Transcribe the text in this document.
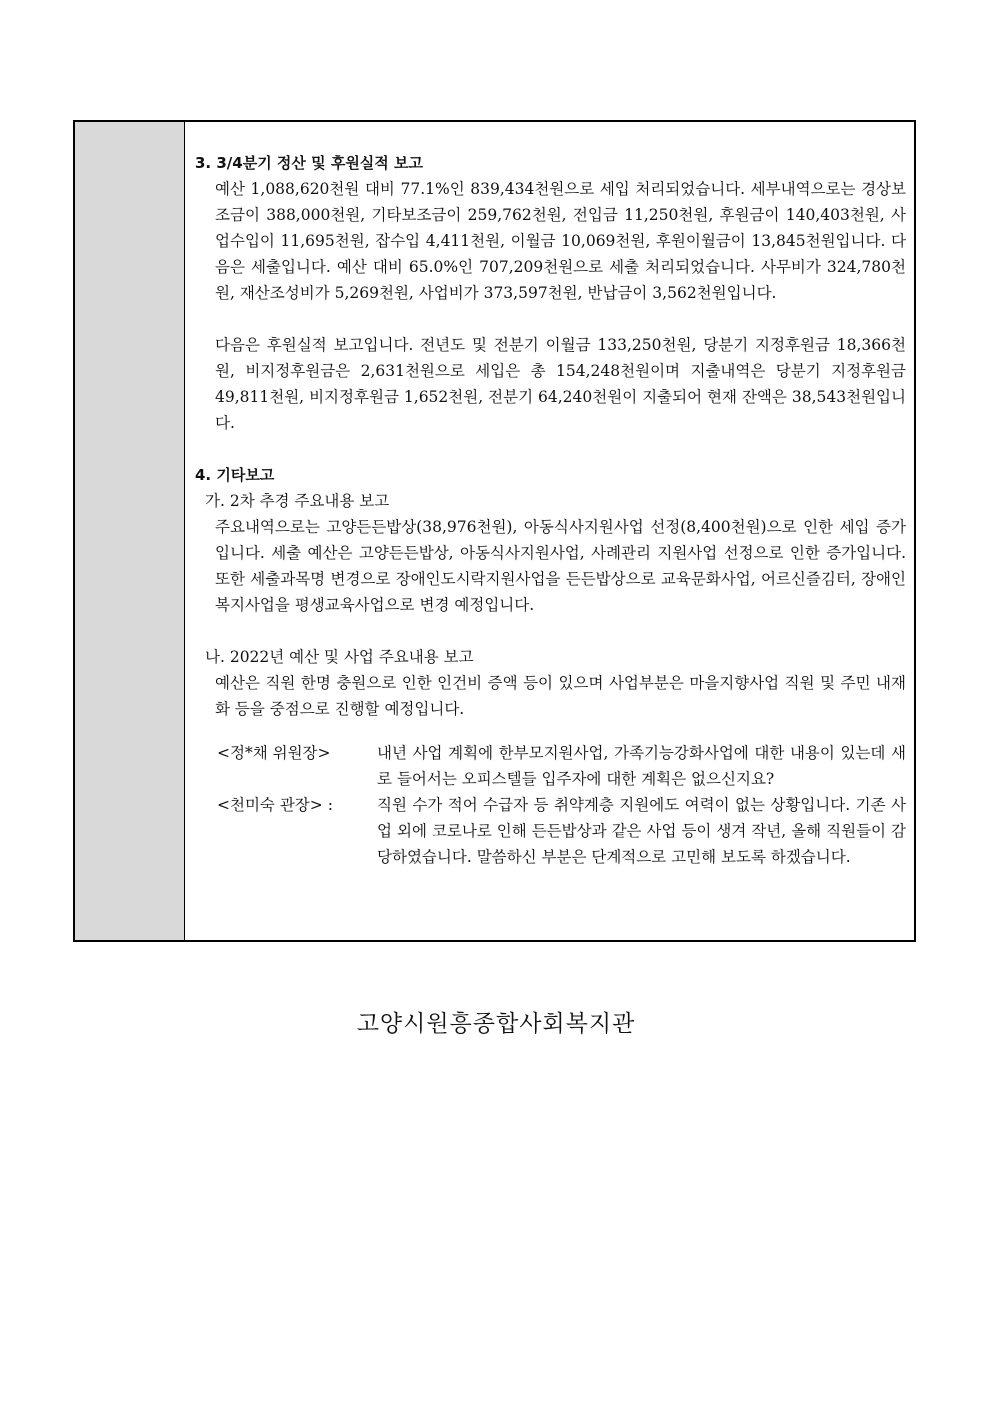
3. 3/4분기 정산 및 후원실적 보고
예산 1,088,620천원 대비 77.1%인 839,434천원으로 세입 처리되었습니다. 세부내역으로는 경상보조금이 388,000천원, 기타보조금이 259,762천원, 전입금 11,250천원, 후원금이 140,403천원, 사업수입이 11,695천원, 잡수입 4,411천원, 이월금 10,069천원, 후원이월금이 13,845천원입니다. 다음은 세출입니다. 예산 대비 65.0%인 707,209천원으로 세출 처리되었습니다. 사무비가 324,780천원, 재산조성비가 5,269천원, 사업비가 373,597천원, 반납금이 3,562천원입니다.
다음은 후원실적 보고입니다. 전년도 및 전분기 이월금 133,250천원, 당분기 지정후원금 18,366천원, 비지정후원금은 2,631천원으로 세입은 총 154,248천원이며 지출내역은 당분기 지정후원금 49,811천원, 비지정후원금 1,652천원, 전분기 64,240천원이 지출되어 현재 잔액은 38,543천원입니다.
4. 기타보고
가. 2차 추경 주요내용 보고
주요내역으로는 고양든든밥상(38,976천원), 아동식사지원사업 선정(8,400천원)으로 인한 세입 증가입니다. 세출 예산은 고양든든밥상, 아동식사지원사업, 사례관리 지원사업 선정으로 인한 증가입니다. 또한 세출과목명 변경으로 장애인도시락지원사업을 든든밥상으로 교육문화사업, 어르신즐김터, 장애인복지사업을 평생교육사업으로 변경 예정입니다.
나. 2022년 예산 및 사업 주요내용 보고
예산은 직원 한명 충원으로 인한 인건비 증액 등이 있으며 사업부분은 마을지향사업 직원 및 주민 내재화 등을 중점으로 진행할 예정입니다.
<정*채 위원장>	내년 사업 계획에 한부모지원사업, 가족기능강화사업에 대한 내용이 있는데 새로 들어서는 오피스텔들 입주자에 대한 계획은 없으신지요?
<천미숙 관장> :	직원 수가 적어 수급자 등 취약계층 지원에도 여력이 없는 상황입니다. 기존 사업 외에 코로나로 인해 든든밥상과 같은 사업 등이 생겨 작년, 올해 직원들이 감당하였습니다. 말씀하신 부분은 단계적으로 고민해 보도록 하겠습니다.
고양시원흥종합사회복지관
